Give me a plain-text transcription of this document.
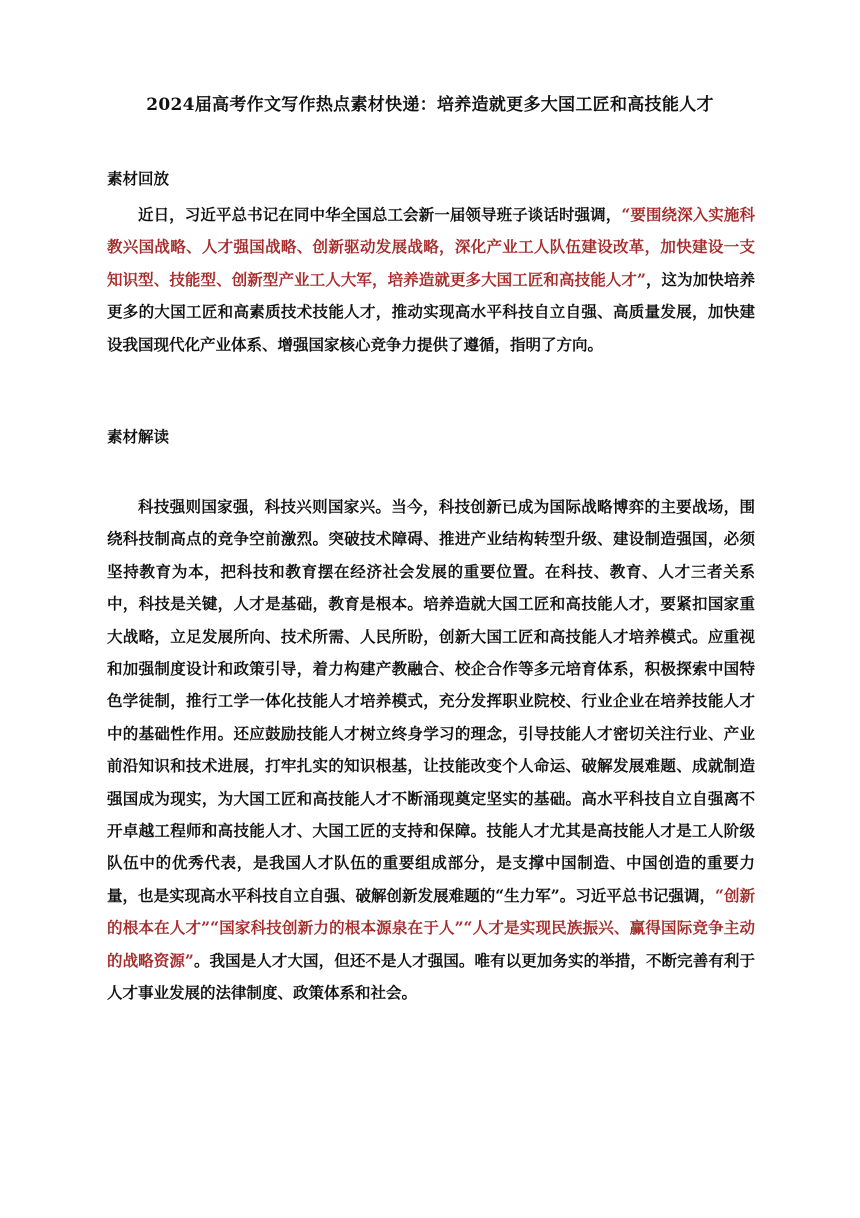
2024届高考作文写作热点素材快递：培养造就更多大国工匠和高技能人才
素材回放

近日，习近平总书记在同中华全国总工会新一届领导班子谈话时强调，“要围绕深入实施科教兴国战略、人才强国战略、创新驱动发展战略，深化产业工人队伍建设改革，加快建设一支知识型、技能型、创新型产业工人大军，培养造就更多大国工匠和高技能人才”，这为加快培养更多的大国工匠和高素质技术技能人才，推动实现高水平科技自立自强、高质量发展，加快建设我国现代化产业体系、增强国家核心竞争力提供了遵循，指明了方向。

素材解读

科技强则国家强，科技兴则国家兴。当今，科技创新已成为国际战略博弈的主要战场，围绕科技制高点的竞争空前激烈。突破技术障碍、推进产业结构转型升级、建设制造强国，必须坚持教育为本，把科技和教育摆在经济社会发展的重要位置。在科技、教育、人才三者关系中，科技是关键，人才是基础，教育是根本。培养造就大国工匠和高技能人才，要紧扣国家重大战略，立足发展所向、技术所需、人民所盼，创新大国工匠和高技能人才培养模式。应重视和加强制度设计和政策引导，着力构建产教融合、校企合作等多元培育体系，积极探索中国特色学徒制，推行工学一体化技能人才培养模式，充分发挥职业院校、行业企业在培养技能人才中的基础性作用。还应鼓励技能人才树立终身学习的理念，引导技能人才密切关注行业、产业前沿知识和技术进展，打牢扎实的知识根基，让技能改变个人命运、破解发展难题、成就制造强国成为现实，为大国工匠和高技能人才不断涌现奠定坚实的基础。高水平科技自立自强离不开卓越工程师和高技能人才、大国工匠的支持和保障。技能人才尤其是高技能人才是工人阶级队伍中的优秀代表，是我国人才队伍的重要组成部分，是支撑中国制造、中国创造的重要力量，也是实现高水平科技自立自强、破解创新发展难题的“生力军”。习近平总书记强调，“创新的根本在人才”“国家科技创新力的根本源泉在于人”“人才是实现民族振兴、赢得国际竞争主动的战略资源”。我国是人才大国，但还不是人才强国。唯有以更加务实的举措，不断完善有利于人才事业发展的法律制度、政策体系和社会。
